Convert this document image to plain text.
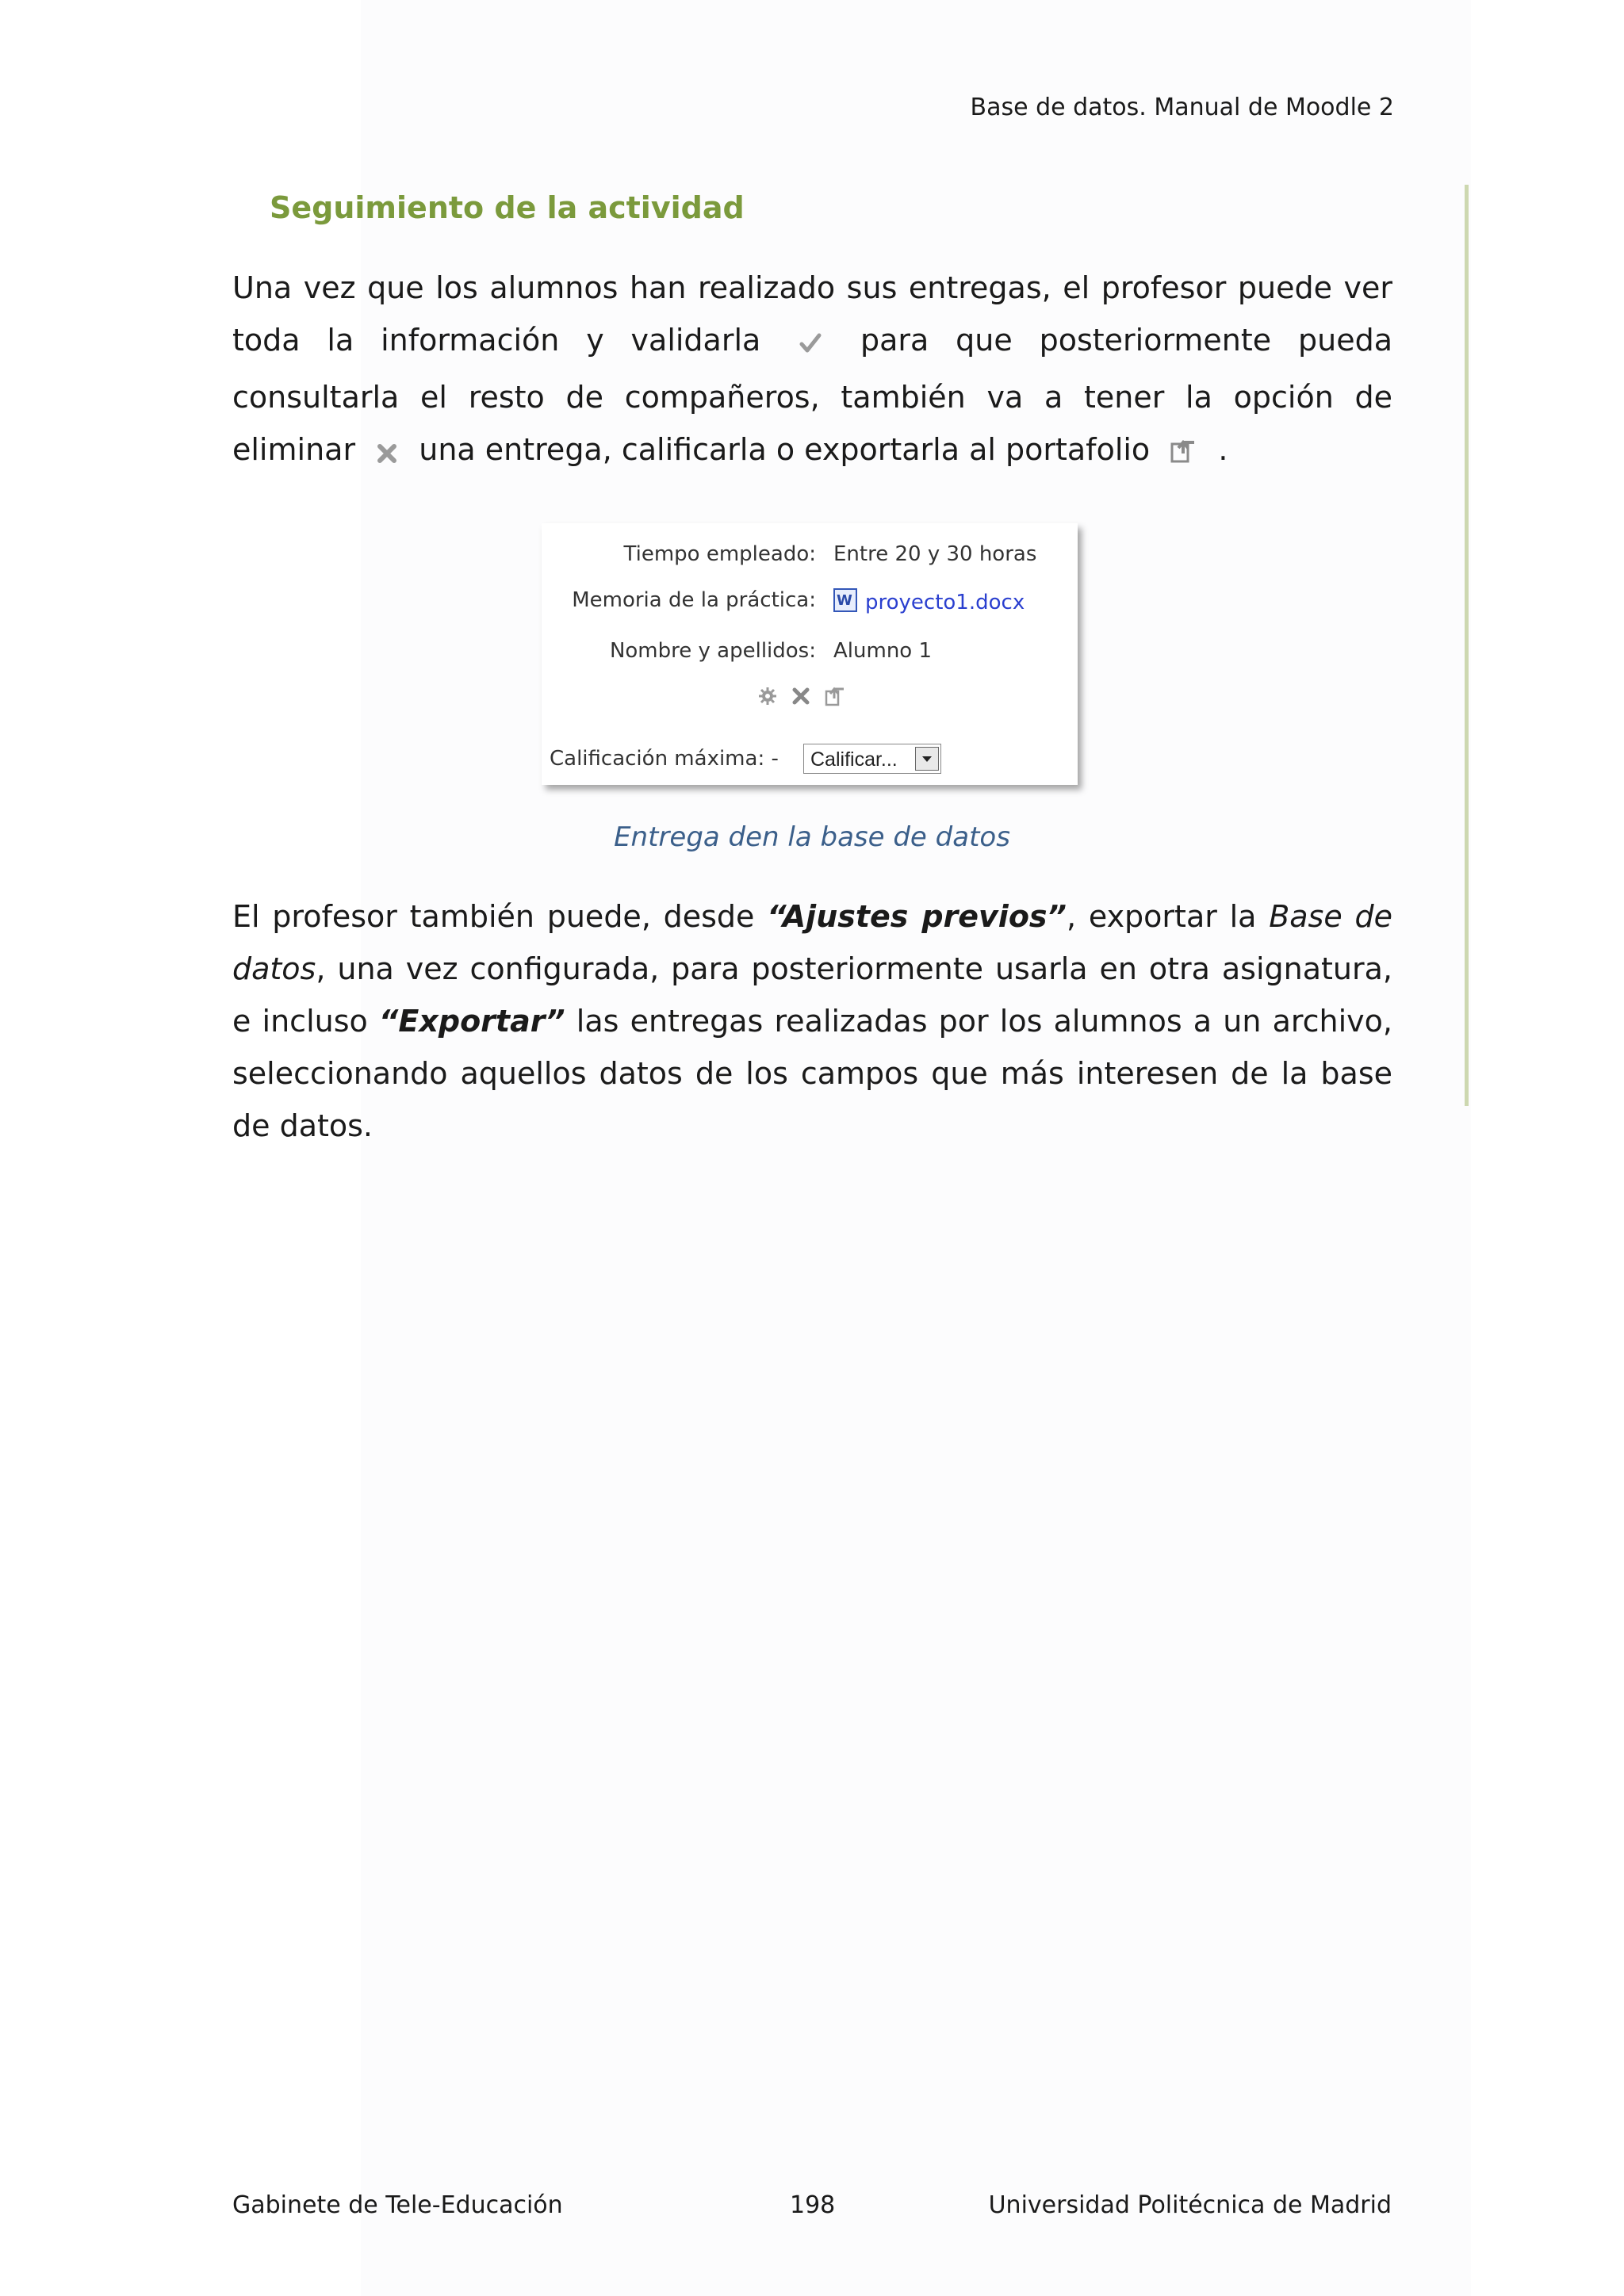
Base de datos. Manual de Moodle 2
Seguimiento de la actividad
Una vez que los alumnos han realizado sus entregas, el profesor puede ver toda la información y validarla	para que posteriormente pueda consultarla el resto de compañeros, también va a tener la opción de eliminar una entrega, calificarla o exportarla al portafolio .
Tiempo empleado: Entre 20 y 30 horas
Memoria de la práctica: W proyecto1.docx
Nombre y apellidos: Alumno 1

Calificación máxima: - Calificar...
Entrega den la base de datos
El profesor también puede, desde “Ajustes previos”, exportar la Base de datos, una vez configurada, para posteriormente usarla en otra asignatura, e incluso “Exportar” las entregas realizadas por los alumnos a un archivo, seleccionando aquellos datos de los campos que más interesen de la base de datos.
Gabinete de Tele-Educación	198	Universidad Politécnica de Madrid
